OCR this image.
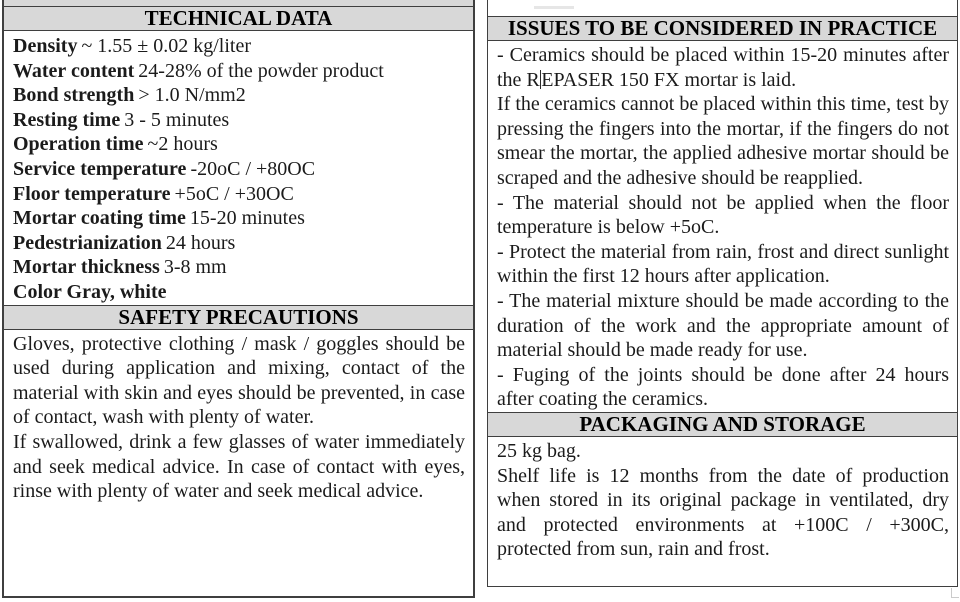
TECHNICAL DATA
Density ~ 1.55 ± 0.02 kg/liter
Water content 24-28% of the powder product
Bond strength > 1.0 N/mm2
Resting time 3 - 5 minutes
Operation time ~2 hours
Service temperature -20oC / +80OC
Floor temperature +5oC / +30OC
Mortar coating time 15-20 minutes
Pedestrianization 24 hours
Mortar thickness 3-8 mm
Color Gray, white
SAFETY PRECAUTIONS

Gloves, protective clothing / mask / goggles should be used during application and mixing, contact of the material with skin and eyes should be prevented, in case of contact, wash with plenty of water.

If swallowed, drink a few glasses of water immediately and seek medical advice. In case of contact with eyes, rinse with plenty of water and seek medical advice.

ISSUES TO BE CONSIDERED IN PRACTICE

- Ceramics should be placed within 15-20 minutes after the REPASER 150 FX mortar is laid.

If the ceramics cannot be placed within this time, test by pressing the fingers into the mortar, if the fingers do not smear the mortar, the applied adhesive mortar should be scraped and the adhesive should be reapplied.

- The material should not be applied when the floor temperature is below +5oC.

- Protect the material from rain, frost and direct sunlight within the first 12 hours after application.

- The material mixture should be made according to the duration of the work and the appropriate amount of material should be made ready for use.

- Fuging of the joints should be done after 24 hours after coating the ceramics.

PACKAGING AND STORAGE

25 kg bag.

Shelf life is 12 months from the date of production when stored in its original package in ventilated, dry and protected environments at +100C / +300C, protected from sun, rain and frost.
